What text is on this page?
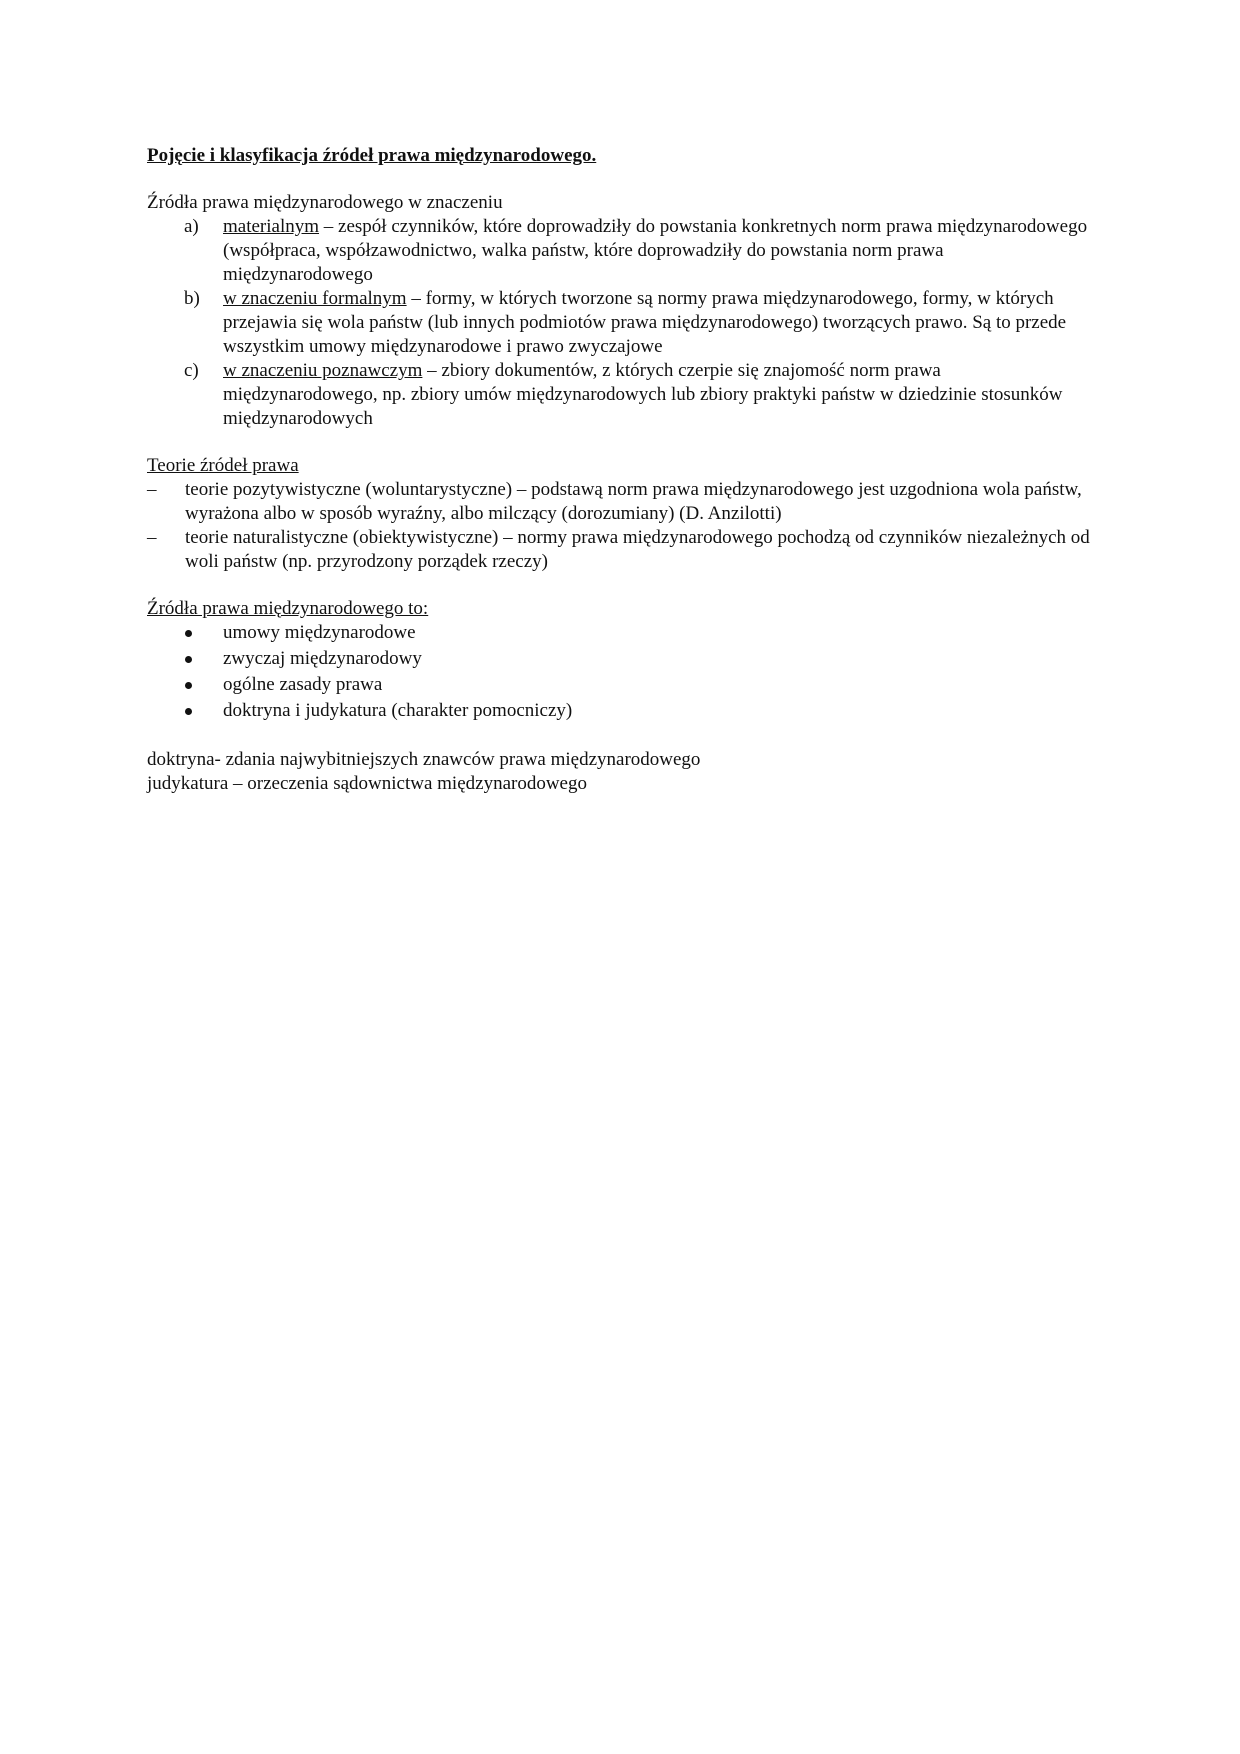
Pojęcie i klasyfikacja źródeł prawa międzynarodowego.

Źródła prawa międzynarodowego w znaczeniu

a) materialnym – zespół czynników, które doprowadziły do powstania konkretnych norm prawa międzynarodowego (współpraca, współzawodnictwo, walka państw, które doprowadziły do powstania norm prawa międzynarodowego
b) w znaczeniu formalnym – formy, w których tworzone są normy prawa międzynarodowego, formy, w których przejawia się wola państw (lub innych podmiotów prawa międzynarodowego) tworzących prawo. Są to przede wszystkim umowy międzynarodowe i prawo zwyczajowe
c) w znaczeniu poznawczym – zbiory dokumentów, z których czerpie się znajomość norm prawa międzynarodowego, np. zbiory umów międzynarodowych lub zbiory praktyki państw w dziedzinie stosunków międzynarodowych

Teorie źródeł prawa

– teorie pozytywistyczne (woluntarystyczne) – podstawą norm prawa międzynarodowego jest uzgodniona wola państw, wyrażona albo w sposób wyraźny, albo milczący (dorozumiany) (D. Anzilotti)
– teorie naturalistyczne (obiektywistyczne) – normy prawa międzynarodowego pochodzą od czynników niezależnych od woli państw (np. przyrodzony porządek rzeczy)

Źródła prawa międzynarodowego to:

umowy międzynarodowe
zwyczaj międzynarodowy
ogólne zasady prawa
doktryna i judykatura (charakter pomocniczy)

doktryna- zdania najwybitniejszych znawców prawa międzynarodowego

judykatura – orzeczenia sądownictwa międzynarodowego
